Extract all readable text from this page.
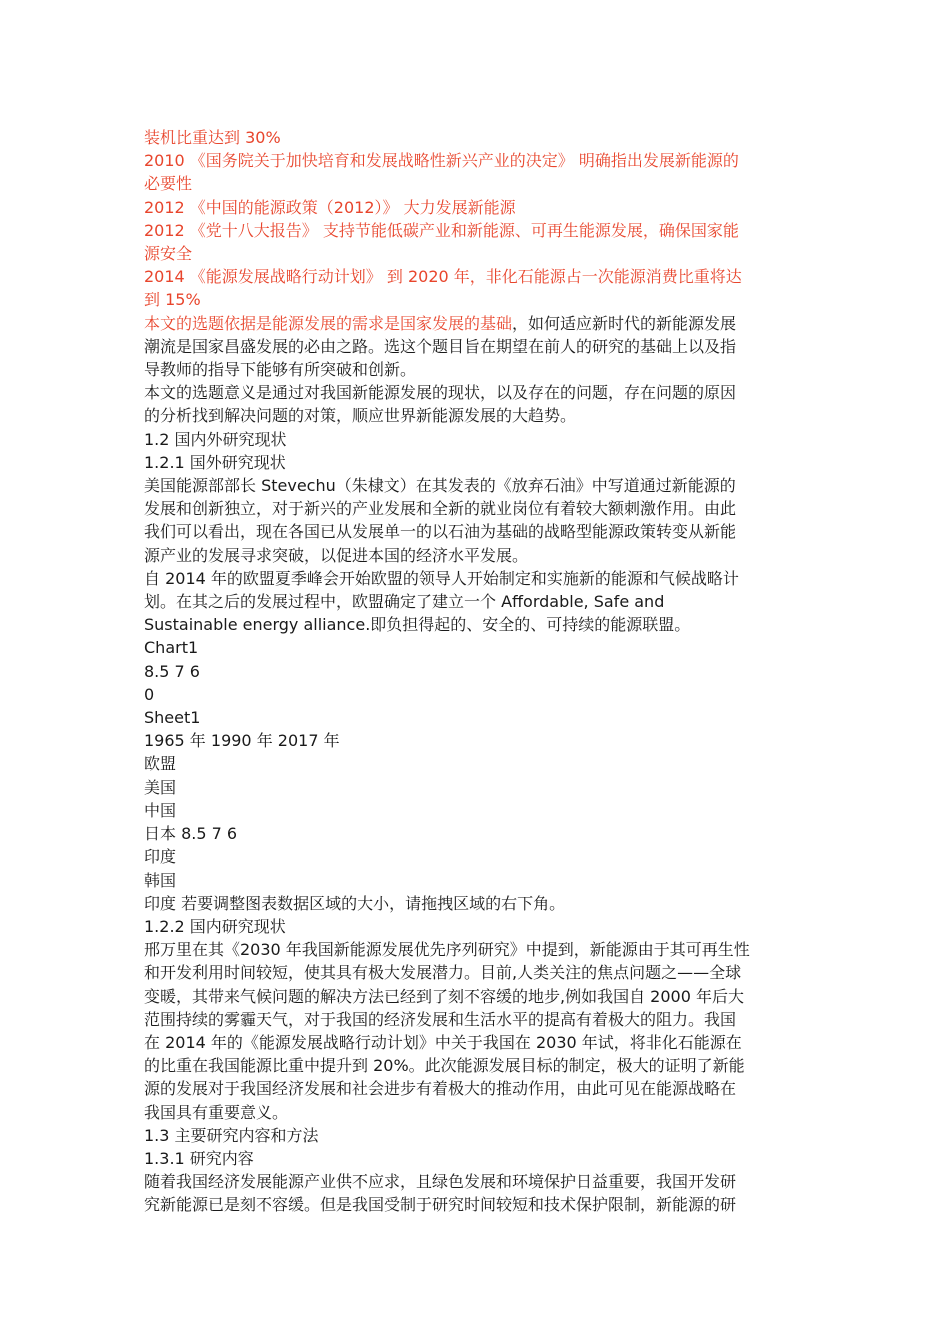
装机比重达到 30%
2010 《国务院关于加快培育和发展战略性新兴产业的决定》 明确指出发展新能源的
必要性
2012 《中国的能源政策（2012）》 大力发展新能源
2012 《党十八大报告》 支持节能低碳产业和新能源、可再生能源发展，确保国家能
源安全
2014 《能源发展战略行动计划》 到 2020 年，非化石能源占一次能源消费比重将达
到 15%
本文的选题依据是能源发展的需求是国家发展的基础，如何适应新时代的新能源发展
潮流是国家昌盛发展的必由之路。选这个题目旨在期望在前人的研究的基础上以及指
导教师的指导下能够有所突破和创新。
本文的选题意义是通过对我国新能源发展的现状，以及存在的问题，存在问题的原因
的分析找到解决问题的对策，顺应世界新能源发展的大趋势。
1.2 国内外研究现状
1.2.1 国外研究现状
美国能源部部长 Stevechu（朱棣文）在其发表的《放弃石油》中写道通过新能源的
发展和创新独立，对于新兴的产业发展和全新的就业岗位有着较大额刺激作用。由此
我们可以看出，现在各国已从发展单一的以石油为基础的战略型能源政策转变从新能
源产业的发展寻求突破，以促进本国的经济水平发展。
自 2014 年的欧盟夏季峰会开始欧盟的领导人开始制定和实施新的能源和气候战略计
划。在其之后的发展过程中，欧盟确定了建立一个 Affordable, Safe and
Sustainable energy alliance.即负担得起的、安全的、可持续的能源联盟。
Chart1
8.5 7 6
0
Sheet1
1965 年 1990 年 2017 年
欧盟
美国
中国
日本 8.5 7 6
印度
韩国
印度 若要调整图表数据区域的大小，请拖拽区域的右下角。
1.2.2 国内研究现状
邢万里在其《2030 年我国新能源发展优先序列研究》中提到，新能源由于其可再生性
和开发利用时间较短，使其具有极大发展潜力。目前,人类关注的焦点问题之——全球
变暖，其带来气候问题的解决方法已经到了刻不容缓的地步,例如我国自 2000 年后大
范围持续的雾霾天气，对于我国的经济发展和生活水平的提高有着极大的阻力。我国
在 2014 年的《能源发展战略行动计划》中关于我国在 2030 年试，将非化石能源在
的比重在我国能源比重中提升到 20%。此次能源发展目标的制定，极大的证明了新能
源的发展对于我国经济发展和社会进步有着极大的推动作用，由此可见在能源战略在
我国具有重要意义。
1.3 主要研究内容和方法
1.3.1 研究内容
随着我国经济发展能源产业供不应求，且绿色发展和环境保护日益重要，我国开发研
究新能源已是刻不容缓。但是我国受制于研究时间较短和技术保护限制，新能源的研
